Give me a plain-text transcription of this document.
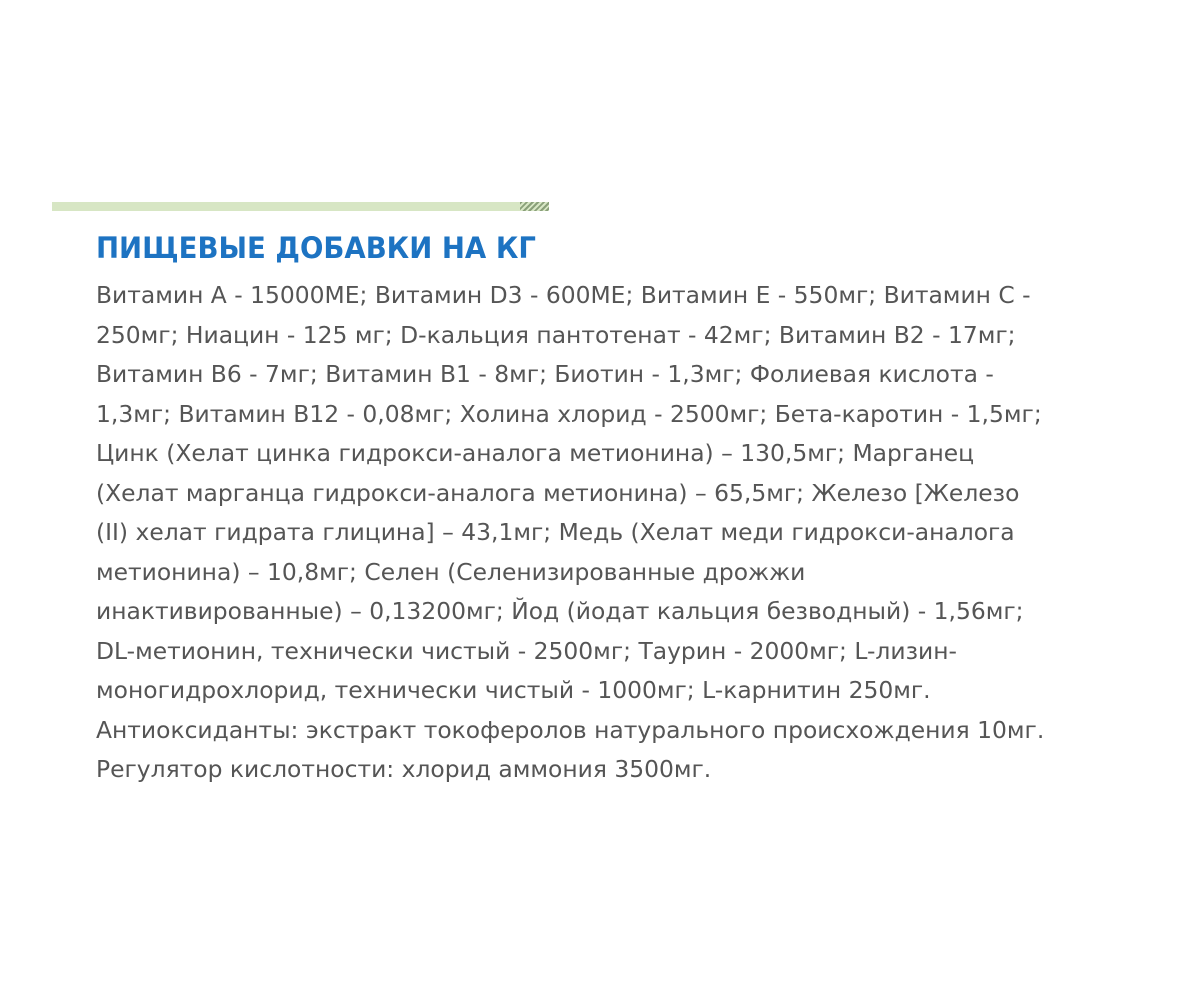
ПИЩЕВЫЕ ДОБАВКИ НА КГ
Витамин А - 15000МЕ; Витамин D3 - 600МЕ; Витамин Е - 550мг; Витамин С -
250мг; Ниацин - 125 мг; D-кальция пантотенат - 42мг; Витамин В2 - 17мг;
Витамин В6 - 7мг; Витамин В1 - 8мг; Биотин - 1,3мг; Фолиевая кислота -
1,3мг; Витамин В12 - 0,08мг; Холина хлорид - 2500мг; Бета-каротин - 1,5мг;
Цинк (Хелат цинка гидрокси-аналога метионина) – 130,5мг; Марганец
(Хелат марганца гидрокси-аналога метионина) – 65,5мг; Железо [Железо
(II) хелат гидрата глицина] – 43,1мг; Медь (Хелат меди гидрокси-аналога
метионина) – 10,8мг; Селен (Селенизированные дрожжи
инактивированные) – 0,13200мг; Йод (йодат кальция безводный) - 1,56мг;
DL-метионин, технически чистый - 2500мг; Таурин - 2000мг; L-лизин-
моногидрохлорид, технически чистый - 1000мг; L-карнитин 250мг.
Антиоксиданты: экстракт токоферолов натурального происхождения 10мг.
Регулятор кислотности: хлорид аммония 3500мг.
